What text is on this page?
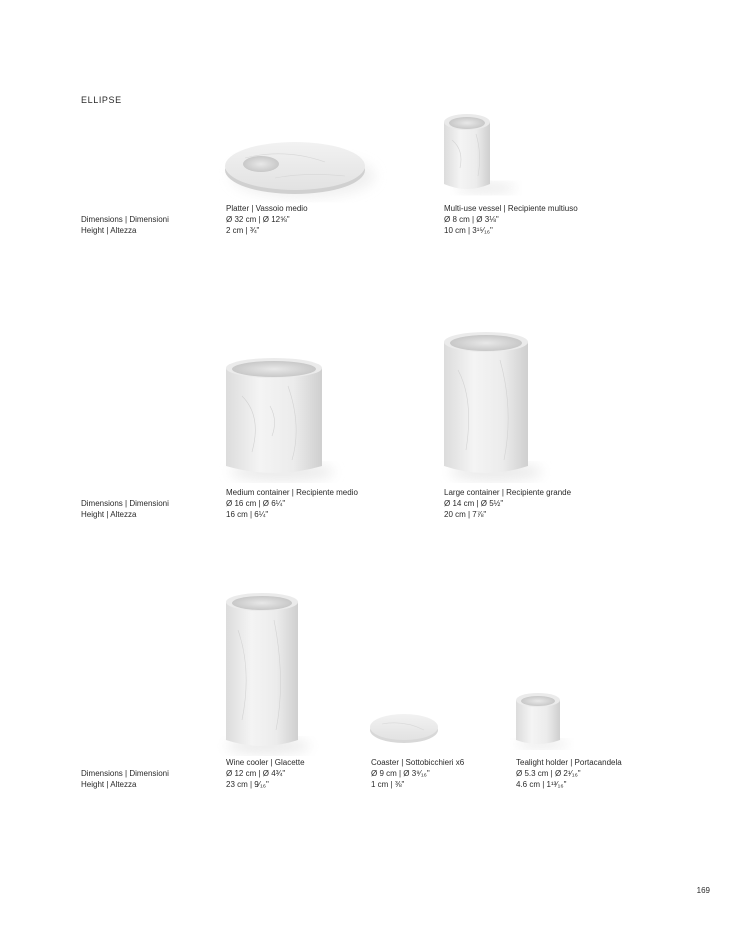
ELLIPSE
Dimensions | Dimensioni
Height | Altezza
Platter | Vassoio medio
Ø 32 cm | Ø 12⅝"
2 cm | ¾"
Multi-use vessel | Recipiente multiuso
Ø 8 cm | Ø 3⅛"
10 cm | 3¹⁵⁄₁₆"
Dimensions | Dimensioni
Height | Altezza
Medium container | Recipiente medio
Ø 16 cm | Ø 6¼"
16 cm | 6¼"
Large container | Recipiente grande
Ø 14 cm | Ø 5½"
20 cm | 7⅞"
Dimensions | Dimensioni
Height | Altezza
Wine cooler | Glacette
Ø 12 cm | Ø 4¾"
23 cm | 9⁄₁₆"
Coaster | Sottobicchieri x6
Ø 9 cm | Ø 3⁹⁄₁₆"
1 cm | ⅜"
Tealight holder | Portacandela
Ø 5.3 cm | Ø 2¹⁄₁₆"
4.6 cm | 1¹³⁄₁₆"
169
